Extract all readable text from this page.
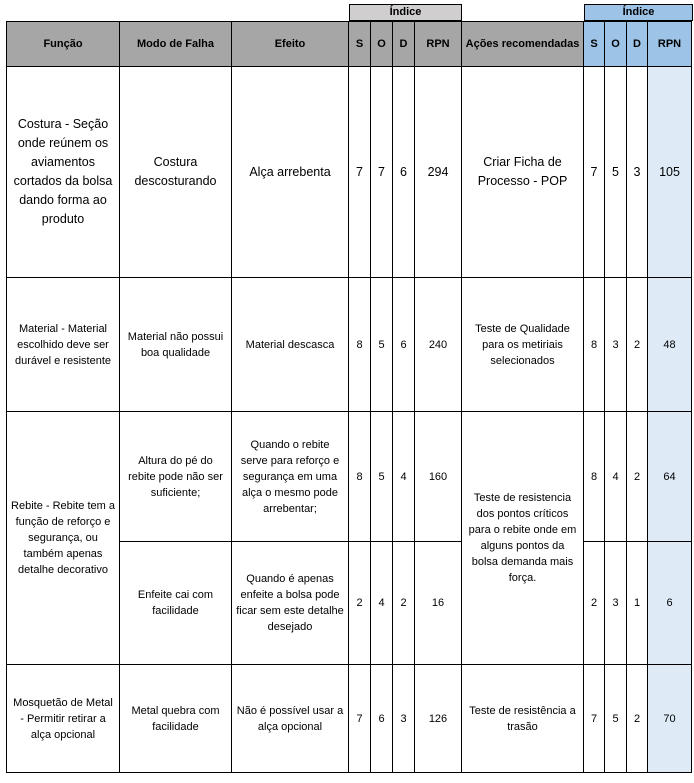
Índice	Índice
Função	Modo de Falha	Efeito	S	O	D	RPN	Ações recomendadas	S	O	D	RPN
Costura - Seção onde reúnem os aviamentos cortados da bolsa dando forma ao produto	Costura descosturando	Alça arrebenta	7	7	6	294	Criar Ficha de Processo - POP	7	5	3	105
Material - Material escolhido deve ser durável e resistente	Material não possui boa qualidade	Material descasca	8	5	6	240	Teste de Qualidade para os metiriais selecionados	8	3	2	48
Rebite - Rebite tem a função de reforço e segurança, ou também apenas detalhe decorativo	Altura do pé do rebite pode não ser suficiente;	Quando o rebite serve para reforço e segurança em uma alça o mesmo pode arrebentar;	8	5	4	160	Teste de resistencia dos pontos críticos para o rebite onde em alguns pontos da bolsa demanda mais força.	8	4	2	64
	Enfeite cai com facilidade	Quando é apenas enfeite a bolsa pode ficar sem este detalhe desejado	2	4	2	16		2	3	1	6
Mosquetão de Metal - Permitir retirar a alça opcional	Metal quebra com facilidade	Não é possível usar a alça opcional	7	6	3	126	Teste de resistência a trasão	7	5	2	70
